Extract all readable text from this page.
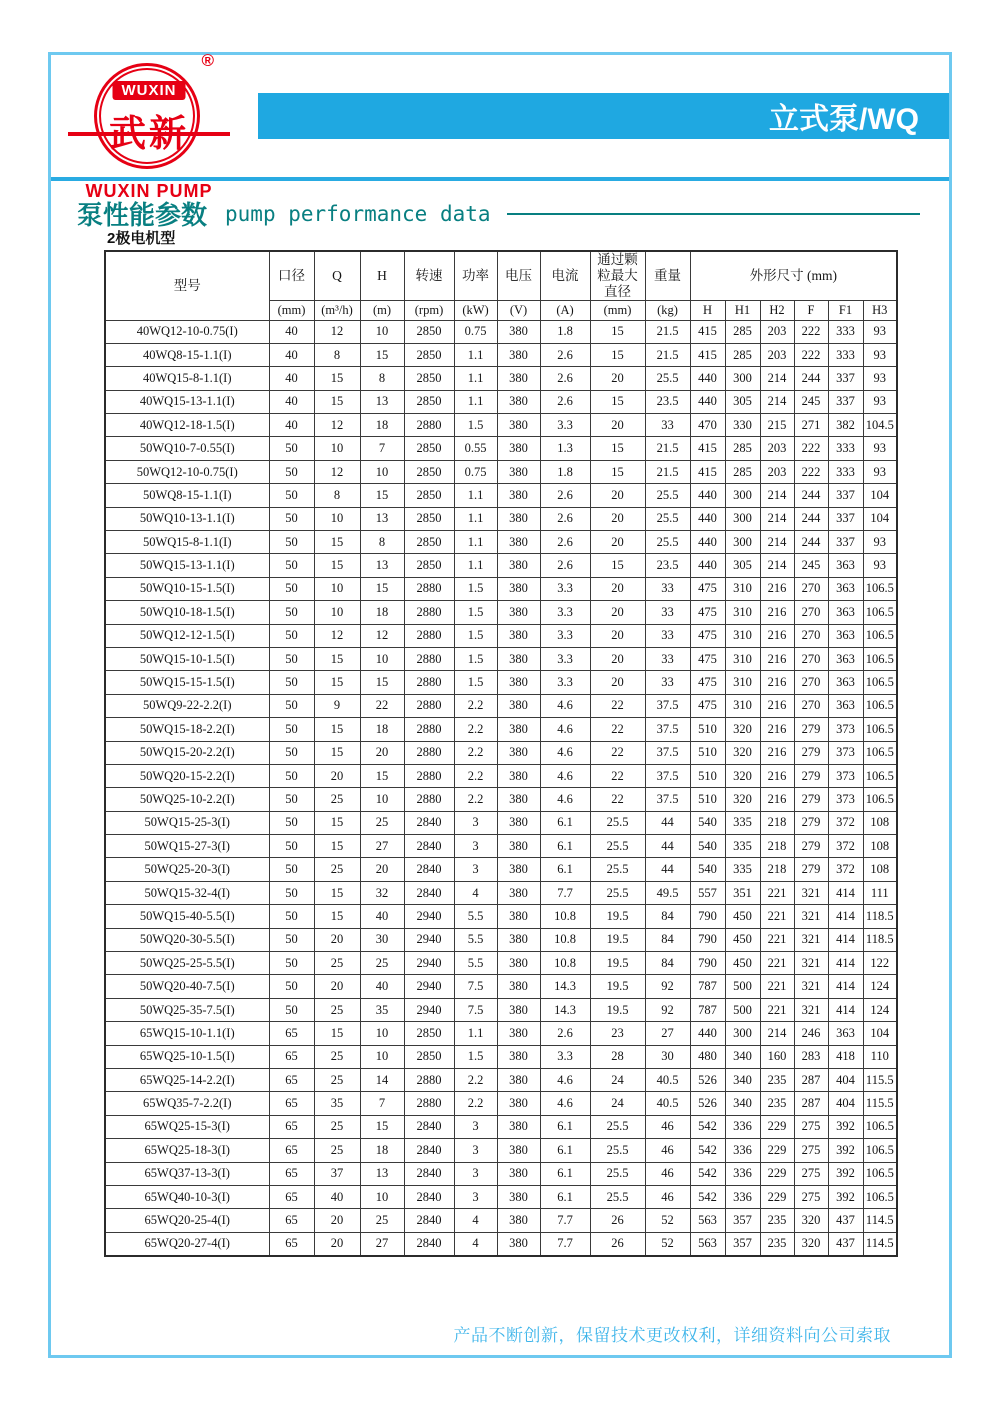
®
WUXIN
武新
WUXIN PUMP
立式泵/WQ
泵性能参数 pump performance data
2极电机型
型号	口径	Q	H	转速	功率	电压	电流	通过颗粒最大直径	重量	外形尺寸 (mm)					
	(mm)	(m³/h)	(m)	(rpm)	(kW)	(V)	(A)	(mm)	(kg)	H	H1	H2	F	F1	H3
40WQ12-10-0.75(I)	40	12	10	2850	0.75	380	1.8	15	21.5	415	285	203	222	333	93
40WQ8-15-1.1(I)	40	8	15	2850	1.1	380	2.6	15	21.5	415	285	203	222	333	93
40WQ15-8-1.1(I)	40	15	8	2850	1.1	380	2.6	20	25.5	440	300	214	244	337	93
40WQ15-13-1.1(I)	40	15	13	2850	1.1	380	2.6	15	23.5	440	305	214	245	337	93
40WQ12-18-1.5(I)	40	12	18	2880	1.5	380	3.3	20	33	470	330	215	271	382	104.5
50WQ10-7-0.55(I)	50	10	7	2850	0.55	380	1.3	15	21.5	415	285	203	222	333	93
50WQ12-10-0.75(I)	50	12	10	2850	0.75	380	1.8	15	21.5	415	285	203	222	333	93
50WQ8-15-1.1(I)	50	8	15	2850	1.1	380	2.6	20	25.5	440	300	214	244	337	104
50WQ10-13-1.1(I)	50	10	13	2850	1.1	380	2.6	20	25.5	440	300	214	244	337	104
50WQ15-8-1.1(I)	50	15	8	2850	1.1	380	2.6	20	25.5	440	300	214	244	337	93
50WQ15-13-1.1(I)	50	15	13	2850	1.1	380	2.6	15	23.5	440	305	214	245	363	93
50WQ10-15-1.5(I)	50	10	15	2880	1.5	380	3.3	20	33	475	310	216	270	363	106.5
50WQ10-18-1.5(I)	50	10	18	2880	1.5	380	3.3	20	33	475	310	216	270	363	106.5
50WQ12-12-1.5(I)	50	12	12	2880	1.5	380	3.3	20	33	475	310	216	270	363	106.5
50WQ15-10-1.5(I)	50	15	10	2880	1.5	380	3.3	20	33	475	310	216	270	363	106.5
50WQ15-15-1.5(I)	50	15	15	2880	1.5	380	3.3	20	33	475	310	216	270	363	106.5
50WQ9-22-2.2(I)	50	9	22	2880	2.2	380	4.6	22	37.5	475	310	216	270	363	106.5
50WQ15-18-2.2(I)	50	15	18	2880	2.2	380	4.6	22	37.5	510	320	216	279	373	106.5
50WQ15-20-2.2(I)	50	15	20	2880	2.2	380	4.6	22	37.5	510	320	216	279	373	106.5
50WQ20-15-2.2(I)	50	20	15	2880	2.2	380	4.6	22	37.5	510	320	216	279	373	106.5
50WQ25-10-2.2(I)	50	25	10	2880	2.2	380	4.6	22	37.5	510	320	216	279	373	106.5
50WQ15-25-3(I)	50	15	25	2840	3	380	6.1	25.5	44	540	335	218	279	372	108
50WQ15-27-3(I)	50	15	27	2840	3	380	6.1	25.5	44	540	335	218	279	372	108
50WQ25-20-3(I)	50	25	20	2840	3	380	6.1	25.5	44	540	335	218	279	372	108
50WQ15-32-4(I)	50	15	32	2840	4	380	7.7	25.5	49.5	557	351	221	321	414	111
50WQ15-40-5.5(I)	50	15	40	2940	5.5	380	10.8	19.5	84	790	450	221	321	414	118.5
50WQ20-30-5.5(I)	50	20	30	2940	5.5	380	10.8	19.5	84	790	450	221	321	414	118.5
50WQ25-25-5.5(I)	50	25	25	2940	5.5	380	10.8	19.5	84	790	450	221	321	414	122
50WQ20-40-7.5(I)	50	20	40	2940	7.5	380	14.3	19.5	92	787	500	221	321	414	124
50WQ25-35-7.5(I)	50	25	35	2940	7.5	380	14.3	19.5	92	787	500	221	321	414	124
65WQ15-10-1.1(I)	65	15	10	2850	1.1	380	2.6	23	27	440	300	214	246	363	104
65WQ25-10-1.5(I)	65	25	10	2850	1.5	380	3.3	28	30	480	340	160	283	418	110
65WQ25-14-2.2(I)	65	25	14	2880	2.2	380	4.6	24	40.5	526	340	235	287	404	115.5
65WQ35-7-2.2(I)	65	35	7	2880	2.2	380	4.6	24	40.5	526	340	235	287	404	115.5
65WQ25-15-3(I)	65	25	15	2840	3	380	6.1	25.5	46	542	336	229	275	392	106.5
65WQ25-18-3(I)	65	25	18	2840	3	380	6.1	25.5	46	542	336	229	275	392	106.5
65WQ37-13-3(I)	65	37	13	2840	3	380	6.1	25.5	46	542	336	229	275	392	106.5
65WQ40-10-3(I)	65	40	10	2840	3	380	6.1	25.5	46	542	336	229	275	392	106.5
65WQ20-25-4(I)	65	20	25	2840	4	380	7.7	26	52	563	357	235	320	437	114.5
65WQ20-27-4(I)	65	20	27	2840	4	380	7.7	26	52	563	357	235	320	437	114.5
产品不断创新，保留技术更改权利，详细资料向公司索取
